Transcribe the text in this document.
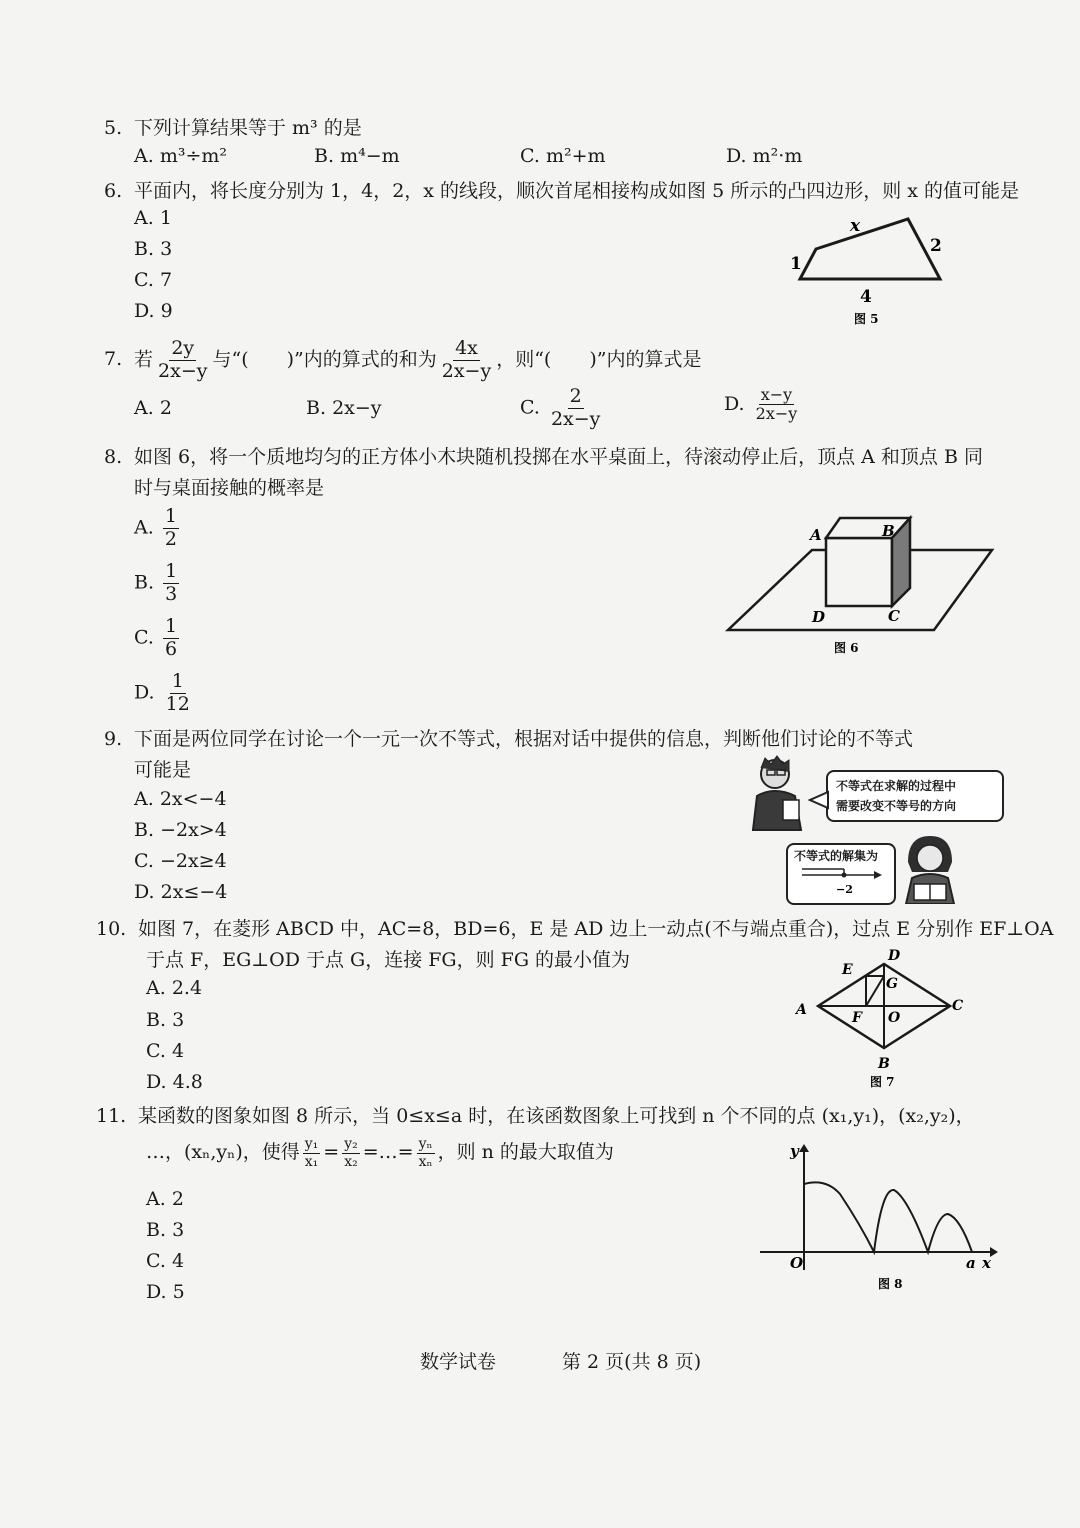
5. 下列计算结果等于 m³ 的是
A. m³÷m²	B. m⁴−m	C. m²+m	D. m²·m
6. 平面内，将长度分别为 1，4，2，x 的线段，顺次首尾相接构成如图 5 所示的凸四边形，则 x 的值可能是
A. 1
B. 3
C. 7
D. 9
x
1
2
4
图 5
7. 若 $\frac{2y}{2x-y}$ 与“(　　)”内的算式的和为 $\frac{4x}{2x-y}$ ，则“(　　)”内的算式是
A. 2	B. 2x−y	C. $\frac{2}{2x-y}$	D. $\frac{x-y}{2x-y}$
8. 如图 6，将一个质地均匀的正方体小木块随机投掷在水平桌面上，待滚动停止后，顶点 A 和顶点 B 同
时与桌面接触的概率是
A. $\frac{1}{2}$
B. $\frac{1}{3}$
C. $\frac{1}{6}$
D. $\frac{1}{12}$
A	B
C
D
图 6
9. 下面是两位同学在讨论一个一元一次不等式，根据对话中提供的信息，判断他们讨论的不等式
可能是
A. 2x<−4
B. −2x>4
C. −2x≥4
D. 2x≤−4
不等式在求解的过程中
需要改变不等号的方向
不等式的解集为
−2
10. 如图 7，在菱形 ABCD 中，AC=8，BD=6，E 是 AD 边上一动点(不与端点重合)，过点 E 分别作 EF⊥OA
于点 F，EG⊥OD 于点 G，连接 FG，则 FG 的最小值为
A. 2.4
B. 3
C. 4
D. 4.8
A
B
C
D
E
F
G
O
图 7
11. 某函数的图象如图 8 所示，当 0≤x≤a 时，在该函数图象上可找到 n 个不同的点 (x₁,y₁)，(x₂,y₂)，
…，(xₙ,yₙ)，使得 $\frac{\text{y₁}}{\text{x₁}} = \frac{\text{y₂}}{\text{x₂}}$ =…= $\frac{\text{yₙ}}{\text{xₙ}}$ ，则 n 的最大取值为
A. 2
B. 3
C. 4
D. 5
y
x
O	a
图 8
数学试卷	第 2 页(共 8 页)
